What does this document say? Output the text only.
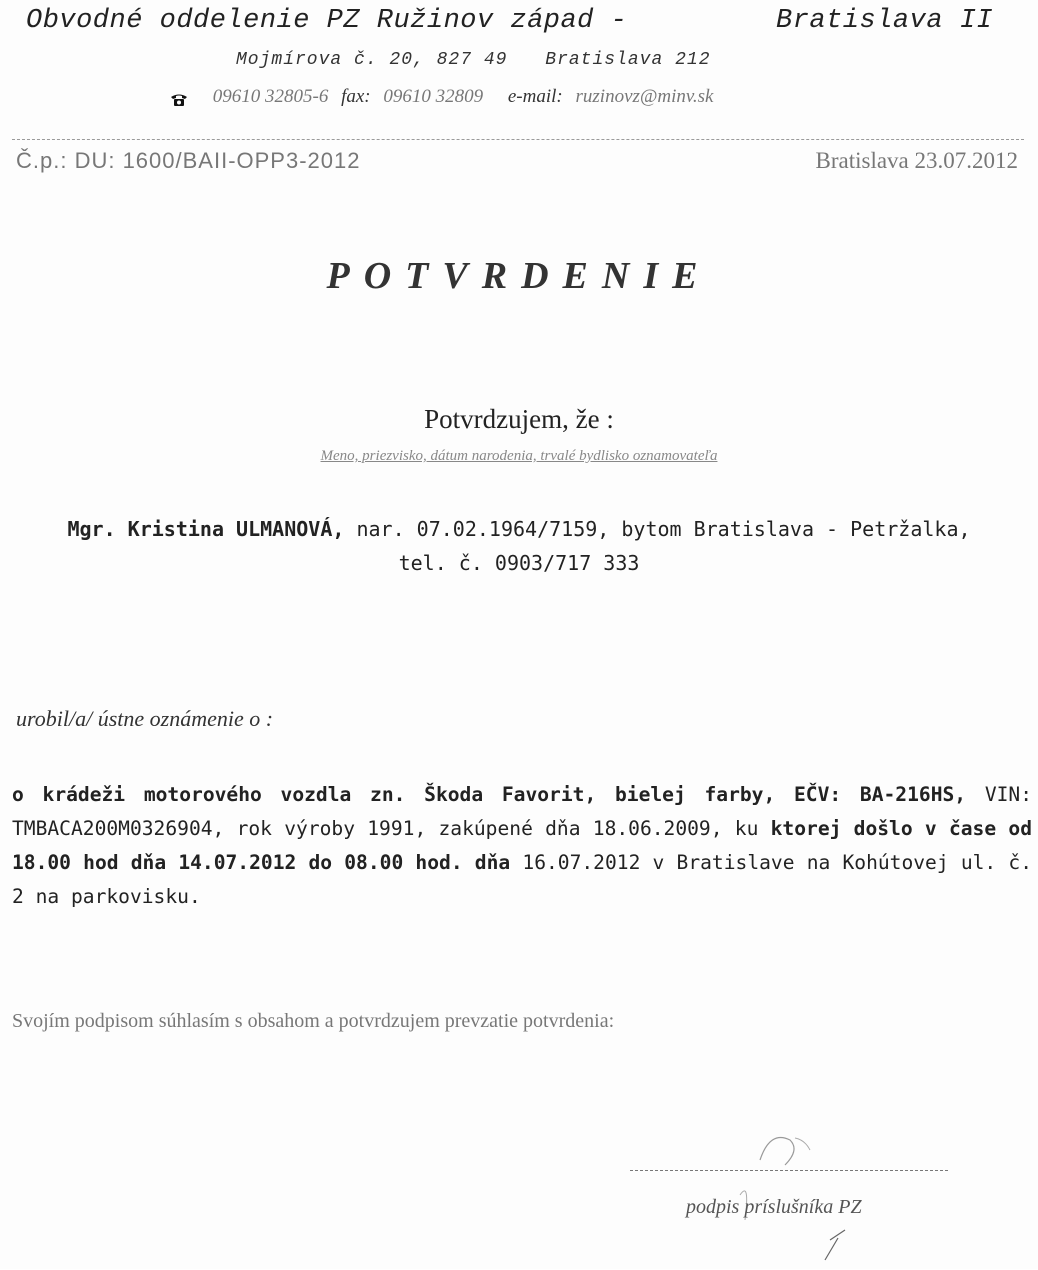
Obvodné oddelenie PZ Ružinov západ -	Bratislava II
Mojmírova č. 20, 827 49 Bratislava 212
09610 32805-6 fax: 09610 32809 e-mail: ruzinovz@minv.sk
Č.p.: DU: 1600/BAII-OPP3-2012	Bratislava 23.07.2012
POTVRDENIE
Potvrdzujem, že :
Meno, priezvisko, dátum narodenia, trvalé bydlisko oznamovateľa
Mgr. Kristina ULMANOVÁ, nar. 07.02.1964/7159, bytom Bratislava - Petržalka,
tel. č. 0903/717 333
urobil/a/ ústne oznámenie o :
o krádeži motorového vozdla zn. Škoda Favorit, bielej farby, EČV: BA-216HS, VIN: TMBACA200M0326904, rok výroby 1991, zakúpené dňa 18.06.2009, ku ktorej došlo v čase od 18.00 hod dňa 14.07.2012 do 08.00 hod. dňa 16.07.2012 v Bratislave na Kohútovej ul. č. 2 na parkovisku.
Svojím podpisom súhlasím s obsahom a potvrdzujem prevzatie potvrdenia:
podpis príslušníka PZ
